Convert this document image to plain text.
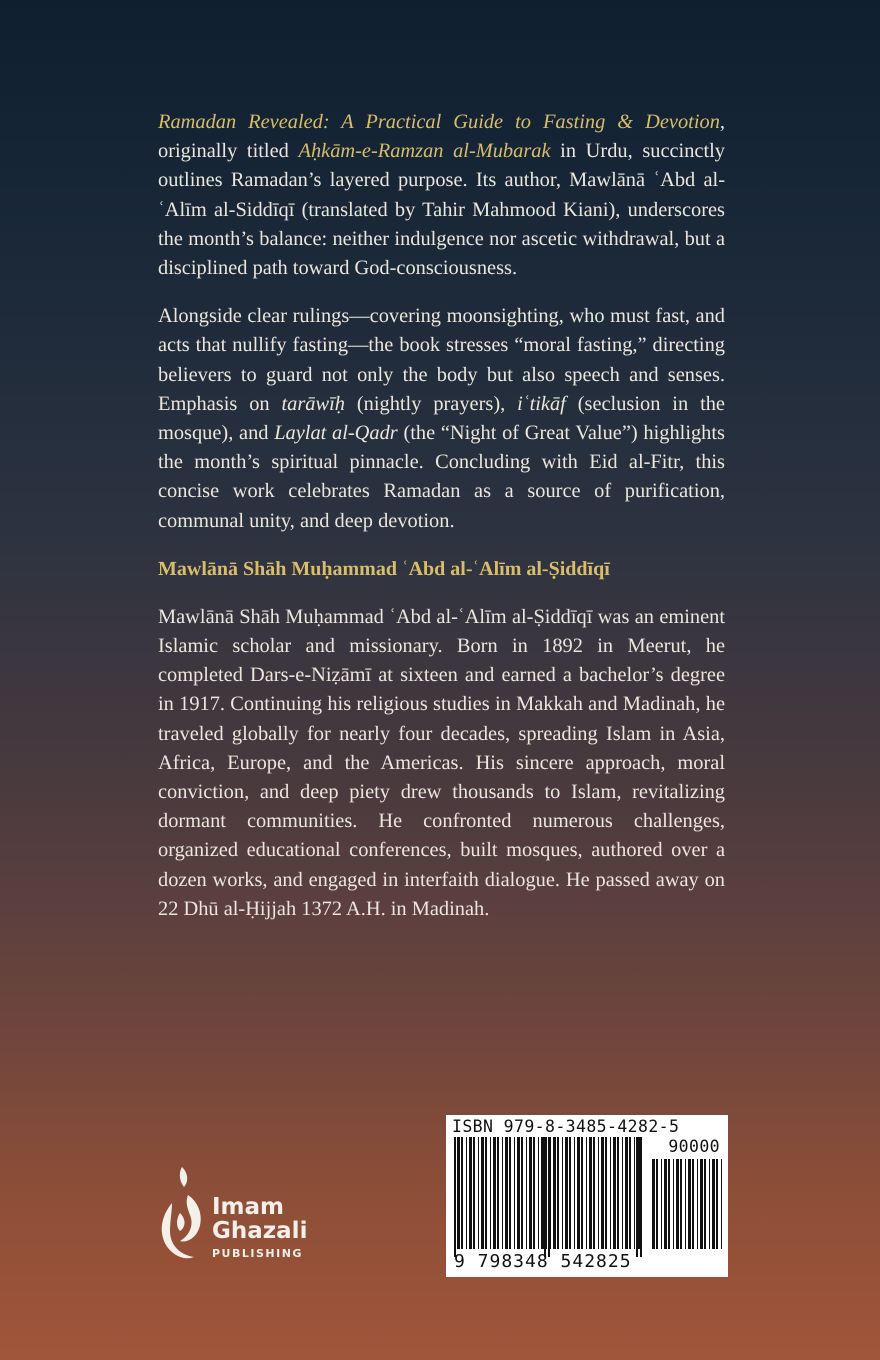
Ramadan Revealed: A Practical Guide to Fasting & Devotion, originally titled Aḥkām-e-Ramzan al-Mubarak in Urdu, succinctly outlines Ramadan’s layered purpose. Its author, Mawlānā ʿAbd al-ʿAlīm al-Siddīqī (translated by Tahir Mahmood Kiani), underscores the month’s balance: neither indulgence nor ascetic withdrawal, but a disciplined path toward God-consciousness.

Alongside clear rulings—covering moonsighting, who must fast, and acts that nullify fasting—the book stresses “moral fasting,” directing believers to guard not only the body but also speech and senses. Emphasis on tarāwīḥ (nightly prayers), iʿtikāf (seclusion in the mosque), and Laylat al-Qadr (the “Night of Great Value”) highlights the month’s spiritual pinnacle. Concluding with Eid al-Fitr, this concise work celebrates Ramadan as a source of purification, communal unity, and deep devotion.

Mawlānā Shāh Muḥammad ʿAbd al-ʿAlīm al-Ṣiddīqī

Mawlānā Shāh Muḥammad ʿAbd al-ʿAlīm al-Ṣiddīqī was an eminent Islamic scholar and missionary. Born in 1892 in Meerut, he completed Dars-e-Niẓāmī at sixteen and earned a bachelor’s degree in 1917. Continuing his religious studies in Makkah and Madinah, he traveled globally for nearly four decades, spreading Islam in Asia, Africa, Europe, and the Americas. His sincere approach, moral conviction, and deep piety drew thousands to Islam, revitalizing dormant communities. He confronted numerous challenges, organized educational conferences, built mosques, authored over a dozen works, and engaged in interfaith dialogue. He passed away on 22 Dhū al-Ḥijjah 1372 A.H. in Madinah.

Imam
Ghazali
PUBLISHING
ISBN 979-8-3485-4282-5
90000
9 798348 542825
